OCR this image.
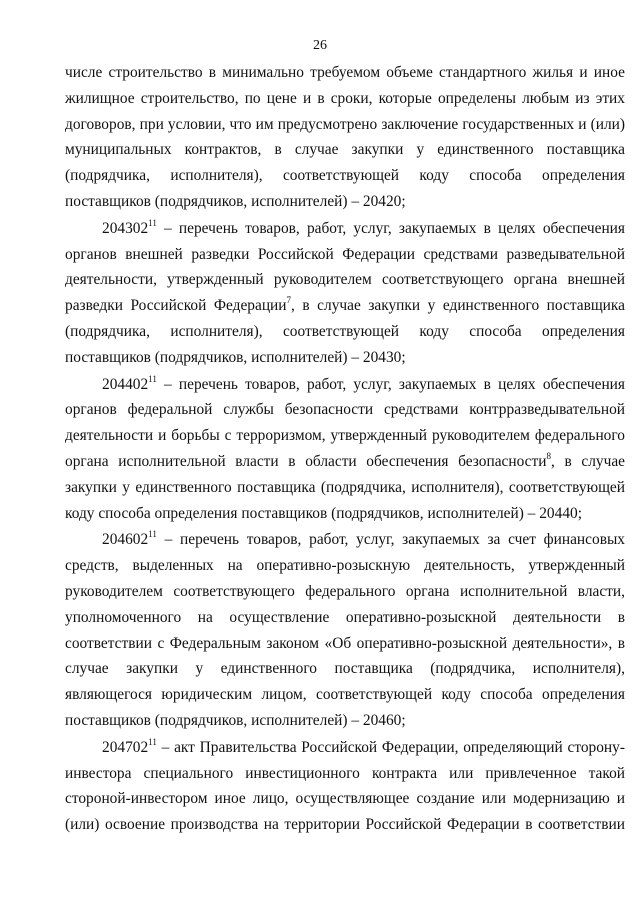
26

числе строительство в минимально требуемом объеме стандартного жилья и иное жилищное строительство, по цене и в сроки, которые определены любым из этих договоров, при условии, что им предусмотрено заключение государственных и (или) муниципальных контрактов, в случае закупки у единственного поставщика (подрядчика, исполнителя), соответствующей коду способа определения поставщиков (подрядчиков, исполнителей) – 20420;

204302$^{11}$ – перечень товаров, работ, услуг, закупаемых в целях обеспечения органов внешней разведки Российской Федерации средствами разведывательной деятельности, утвержденный руководителем соответствующего органа внешней разведки Российской Федерации$^7$, в случае закупки у единственного поставщика (подрядчика, исполнителя), соответствующей коду способа определения поставщиков (подрядчиков, исполнителей) – 20430;

204402$^{11}$ – перечень товаров, работ, услуг, закупаемых в целях обеспечения органов федеральной службы безопасности средствами контрразведывательной деятельности и борьбы с терроризмом, утвержденный руководителем федерального органа исполнительной власти в области обеспечения безопасности$^8$, в случае закупки у единственного поставщика (подрядчика, исполнителя), соответствующей коду способа определения поставщиков (подрядчиков, исполнителей) – 20440;

204602$^{11}$ – перечень товаров, работ, услуг, закупаемых за счет финансовых средств, выделенных на оперативно-розыскную деятельность, утвержденный руководителем соответствующего федерального органа исполнительной власти, уполномоченного на осуществление оперативно-розыскной деятельности в соответствии с Федеральным законом «Об оперативно-розыскной деятельности», в случае закупки у единственного поставщика (подрядчика, исполнителя), являющегося юридическим лицом, соответствующей коду способа определения поставщиков (подрядчиков, исполнителей) – 20460;

204702$^{11}$ – акт Правительства Российской Федерации, определяющий сторону-инвестора специального инвестиционного контракта или привлеченное такой стороной-инвестором иное лицо, осуществляющее создание или модернизацию и (или) освоение производства на территории Российской Федерации в соответствии
